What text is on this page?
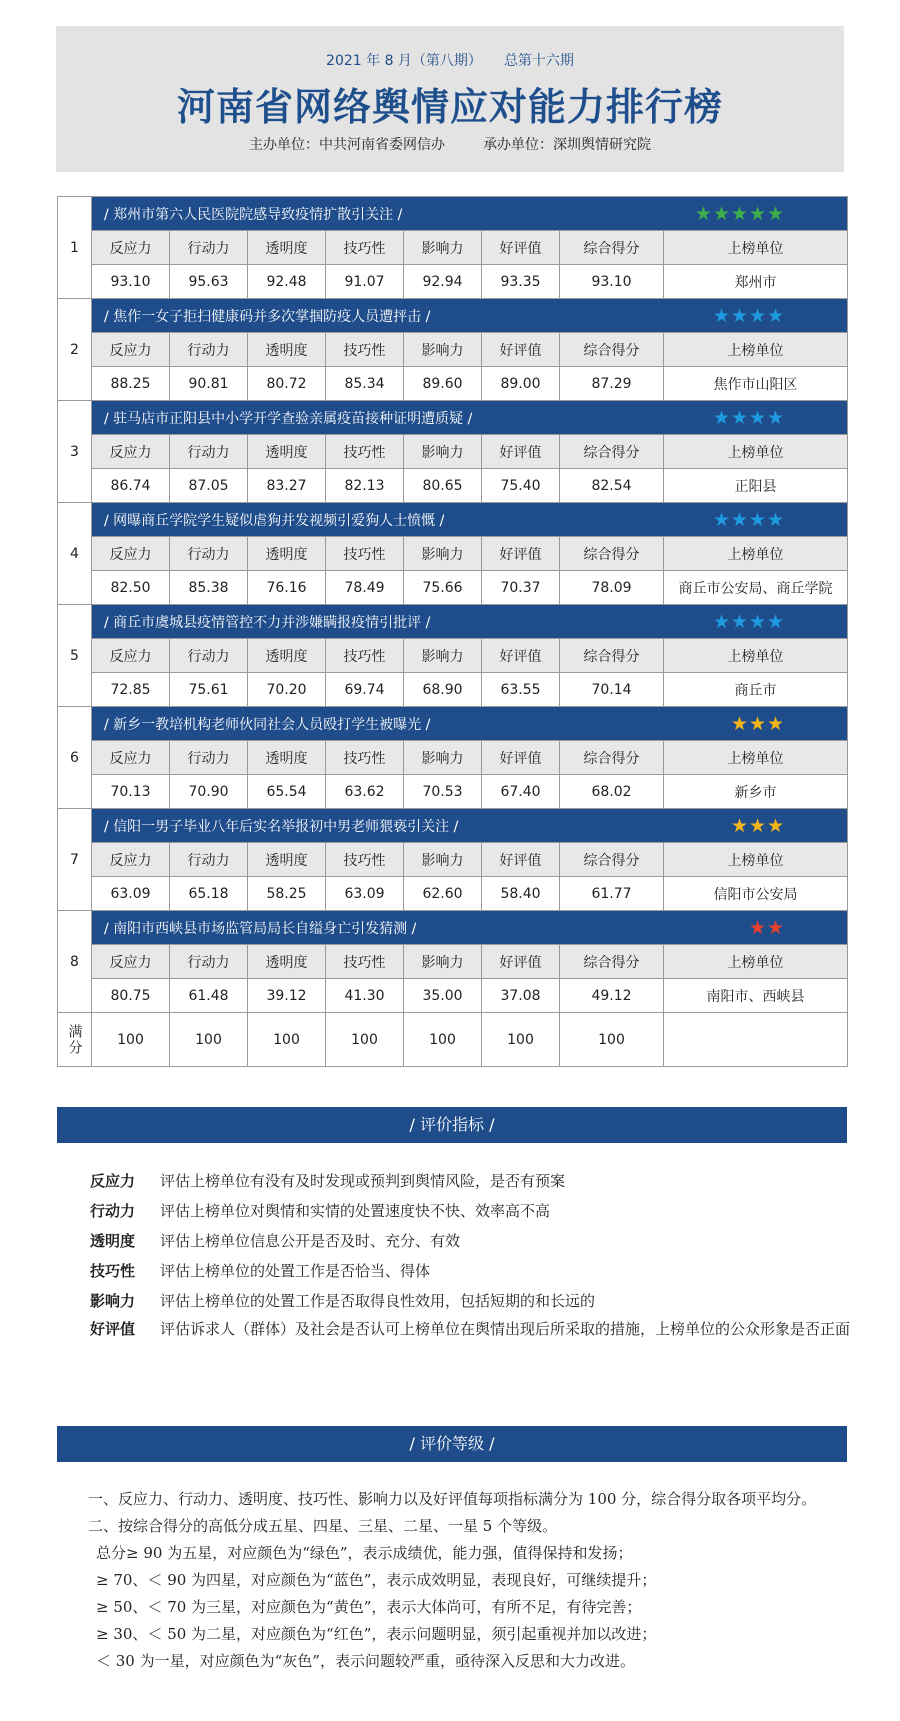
2021 年 8 月（第八期） 总第十六期
河南省网络舆情应对能力排行榜
主办单位：中共河南省委网信办	承办单位：深圳舆情研究院
1	/ 郑州市第六人民医院院感导致疫情扩散引关注 / ★★★★★							

	反应力	行动力	透明度	技巧性	影响力	好评值	综合得分	上榜单位
	93.10	95.63	92.48	91.07	92.94	93.35	93.10	郑州市
2	/ 焦作一女子拒扫健康码并多次掌掴防疫人员遭抨击 / ★★★★							

	反应力	行动力	透明度	技巧性	影响力	好评值	综合得分	上榜单位
	88.25	90.81	80.72	85.34	89.60	89.00	87.29	焦作市山阳区
3	/ 驻马店市正阳县中小学开学查验亲属疫苗接种证明遭质疑 / ★★★★							

	反应力	行动力	透明度	技巧性	影响力	好评值	综合得分	上榜单位
	86.74	87.05	83.27	82.13	80.65	75.40	82.54	正阳县
4	/ 网曝商丘学院学生疑似虐狗并发视频引爱狗人士愤慨 / ★★★★							

	反应力	行动力	透明度	技巧性	影响力	好评值	综合得分	上榜单位
	82.50	85.38	76.16	78.49	75.66	70.37	78.09	商丘市公安局、商丘学院
5	/ 商丘市虞城县疫情管控不力并涉嫌瞒报疫情引批评 / ★★★★							

	反应力	行动力	透明度	技巧性	影响力	好评值	综合得分	上榜单位
	72.85	75.61	70.20	69.74	68.90	63.55	70.14	商丘市
6	/ 新乡一教培机构老师伙同社会人员殴打学生被曝光 / ★★★							

	反应力	行动力	透明度	技巧性	影响力	好评值	综合得分	上榜单位
	70.13	70.90	65.54	63.62	70.53	67.40	68.02	新乡市
7	/ 信阳一男子毕业八年后实名举报初中男老师猥亵引关注 / ★★★							

	反应力	行动力	透明度	技巧性	影响力	好评值	综合得分	上榜单位
	63.09	65.18	58.25	63.09	62.60	58.40	61.77	信阳市公安局
8	/ 南阳市西峡县市场监管局局长自缢身亡引发猜测 / ★★							

	反应力	行动力	透明度	技巧性	影响力	好评值	综合得分	上榜单位
	80.75	61.48	39.12	41.30	35.00	37.08	49.12	南阳市、西峡县
满分	100	100	100	100	100	100	100	
/ 评价指标 /
反应力 评估上榜单位有没有及时发现或预判到舆情风险，是否有预案
行动力 评估上榜单位对舆情和实情的处置速度快不快、效率高不高
透明度 评估上榜单位信息公开是否及时、充分、有效
技巧性 评估上榜单位的处置工作是否恰当、得体
影响力 评估上榜单位的处置工作是否取得良性效用，包括短期的和长远的
好评值 评估诉求人（群体）及社会是否认可上榜单位在舆情出现后所采取的措施，上榜单位的公众形象是否正面
/ 评价等级 /

一、反应力、行动力、透明度、技巧性、影响力以及好评值每项指标满分为 100 分，综合得分取各项平均分。

二、按综合得分的高低分成五星、四星、三星、二星、一星 5 个等级。

总分≥ 90 为五星，对应颜色为“绿色”，表示成绩优，能力强，值得保持和发扬；

≥ 70、＜ 90 为四星，对应颜色为“蓝色”，表示成效明显，表现良好，可继续提升；

≥ 50、＜ 70 为三星，对应颜色为“黄色”，表示大体尚可，有所不足，有待完善；

≥ 30、＜ 50 为二星，对应颜色为“红色”，表示问题明显，须引起重视并加以改进；

＜ 30 为一星，对应颜色为“灰色”，表示问题较严重，亟待深入反思和大力改进。
